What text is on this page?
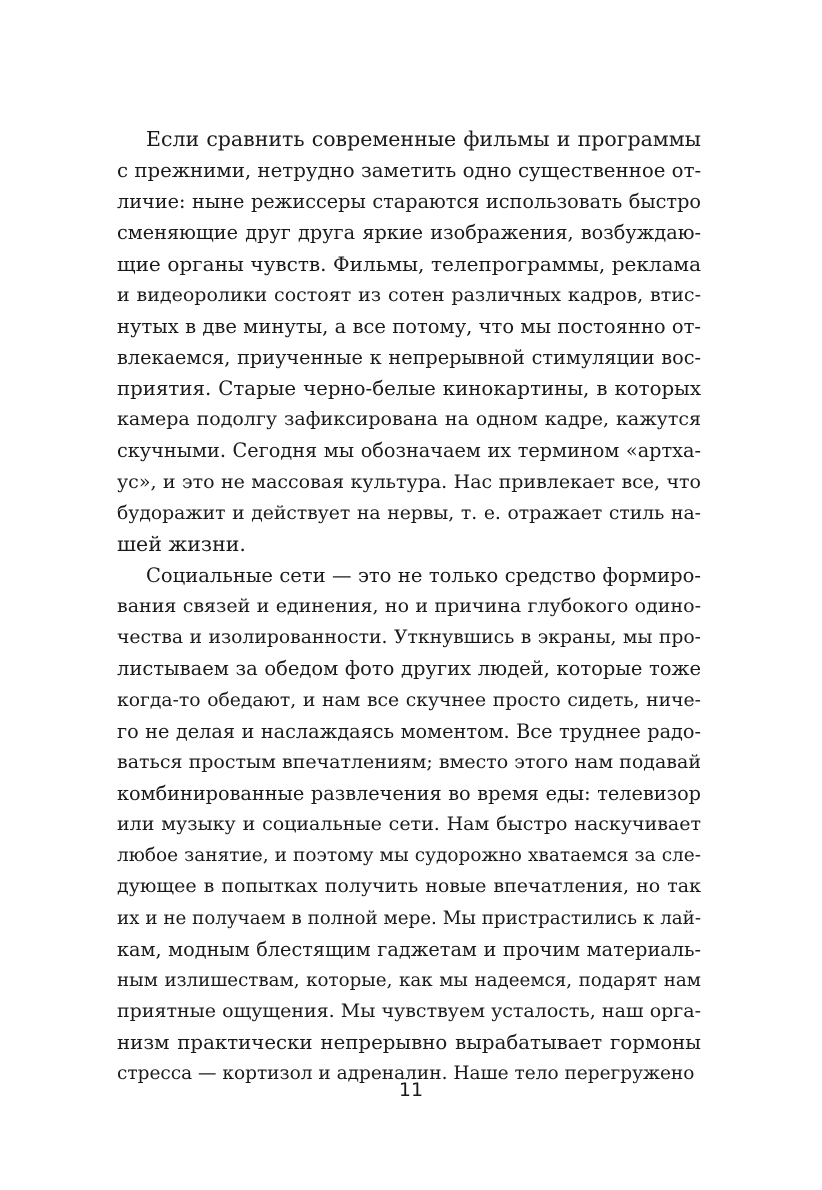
Если сравнить современные фильмы и программы
с прежними, нетрудно заметить одно существенное от-
личие: ныне режиссеры стараются использовать быстро
сменяющие друг друга яркие изображения, возбуждаю-
щие органы чувств. Фильмы, телепрограммы, реклама
и видеоролики состоят из сотен различных кадров, втис-
нутых в две минуты, а все потому, что мы постоянно от-
влекаемся, приученные к непрерывной стимуляции вос-
приятия. Старые черно-белые кинокартины, в которых
камера подолгу зафиксирована на одном кадре, кажутся
скучными. Сегодня мы обозначаем их термином «артха-
ус», и это не массовая культура. Нас привлекает все, что
будоражит и действует на нервы, т. е. отражает стиль на-
шей жизни.
Социальные сети — это не только средство формиро-
вания связей и единения, но и причина глубокого одино-
чества и изолированности. Уткнувшись в экраны, мы про-
листываем за обедом фото других людей, которые тоже
когда-то обедают, и нам все скучнее просто сидеть, ниче-
го не делая и наслаждаясь моментом. Все труднее радо-
ваться простым впечатлениям; вместо этого нам подавай
комбинированные развлечения во время еды: телевизор
или музыку и социальные сети. Нам быстро наскучивает
любое занятие, и поэтому мы судорожно хватаемся за сле-
дующее в попытках получить новые впечатления, но так
их и не получаем в полной мере. Мы пристрастились к лай-
кам, модным блестящим гаджетам и прочим материаль-
ным излишествам, которые, как мы надеемся, подарят нам
приятные ощущения. Мы чувствуем усталость, наш орга-
низм практически непрерывно вырабатывает гормоны
стресса — кортизол и адреналин. Наше тело перегружено
11
